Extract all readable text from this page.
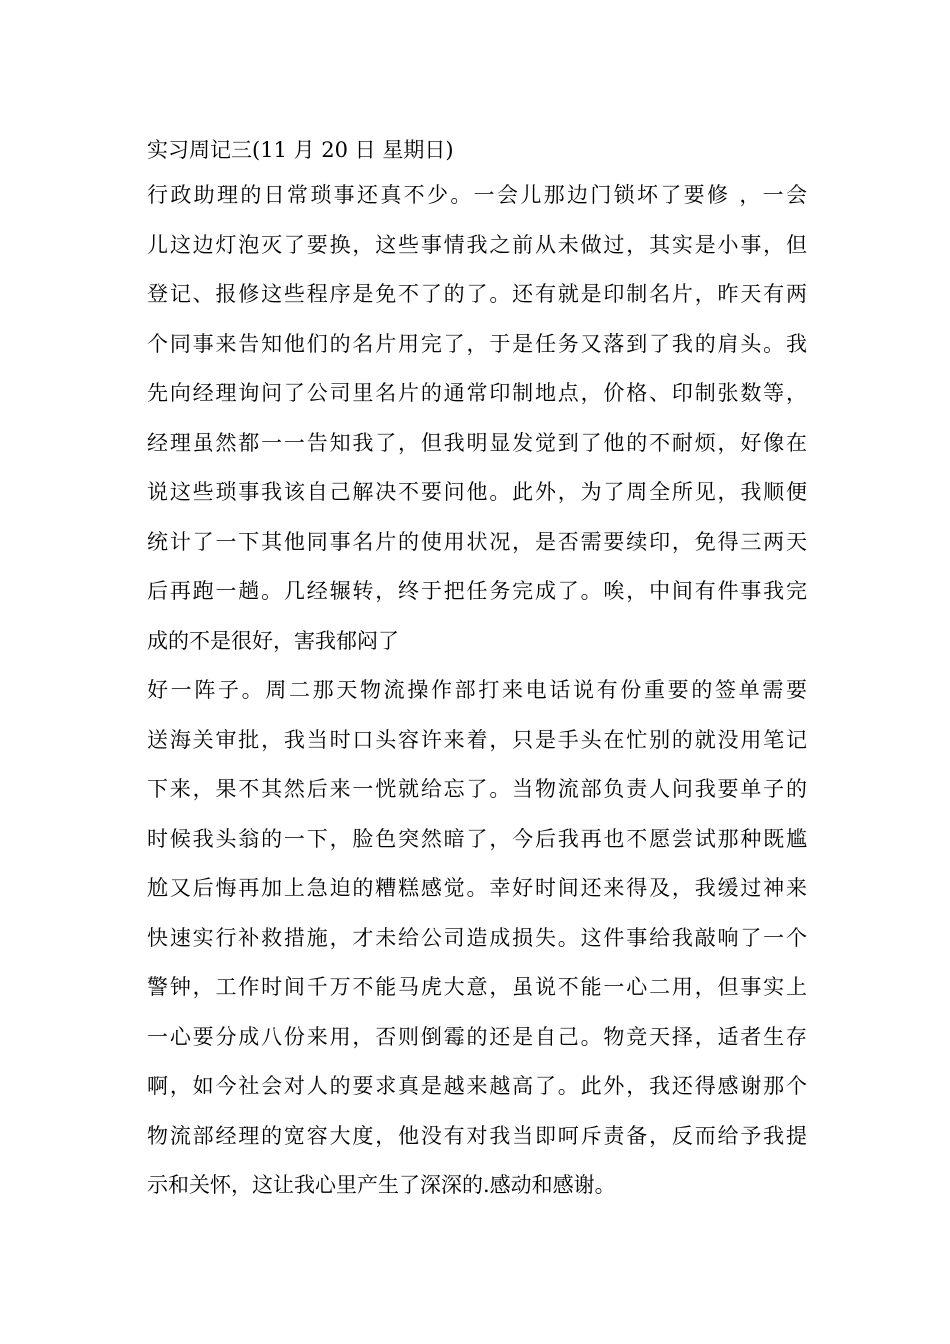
实习周记三(11 月 20 日 星期日)
行政助理的日常琐事还真不少。一会儿那边门锁坏了要修 ，一会
儿这边灯泡灭了要换，这些事情我之前从未做过，其实是小事，但
登记、报修这些程序是免不了的了。还有就是印制名片，昨天有两
个同事来告知他们的名片用完了，于是任务又落到了我的肩头。我
先向经理询问了公司里名片的通常印制地点，价格、印制张数等，
经理虽然都一一告知我了，但我明显发觉到了他的不耐烦，好像在
说这些琐事我该自己解决不要问他。此外，为了周全所见，我顺便
统计了一下其他同事名片的使用状况，是否需要续印，免得三两天
后再跑一趟。几经辗转，终于把任务完成了。唉，中间有件事我完
成的不是很好，害我郁闷了
好一阵子。周二那天物流操作部打来电话说有份重要的签单需要
送海关审批，我当时口头容许来着，只是手头在忙别的就没用笔记
下来，果不其然后来一恍就给忘了。当物流部负责人问我要单子的
时候我头翁的一下，脸色突然暗了，今后我再也不愿尝试那种既尴
尬又后悔再加上急迫的糟糕感觉。幸好时间还来得及，我缓过神来
快速实行补救措施，才未给公司造成损失。这件事给我敲响了一个
警钟，工作时间千万不能马虎大意，虽说不能一心二用，但事实上
一心要分成八份来用，否则倒霉的还是自己。物竞天择，适者生存
啊，如今社会对人的要求真是越来越高了。此外，我还得感谢那个
物流部经理的宽容大度，他没有对我当即呵斥责备，反而给予我提
示和关怀，这让我心里产生了深深的.感动和感谢。
